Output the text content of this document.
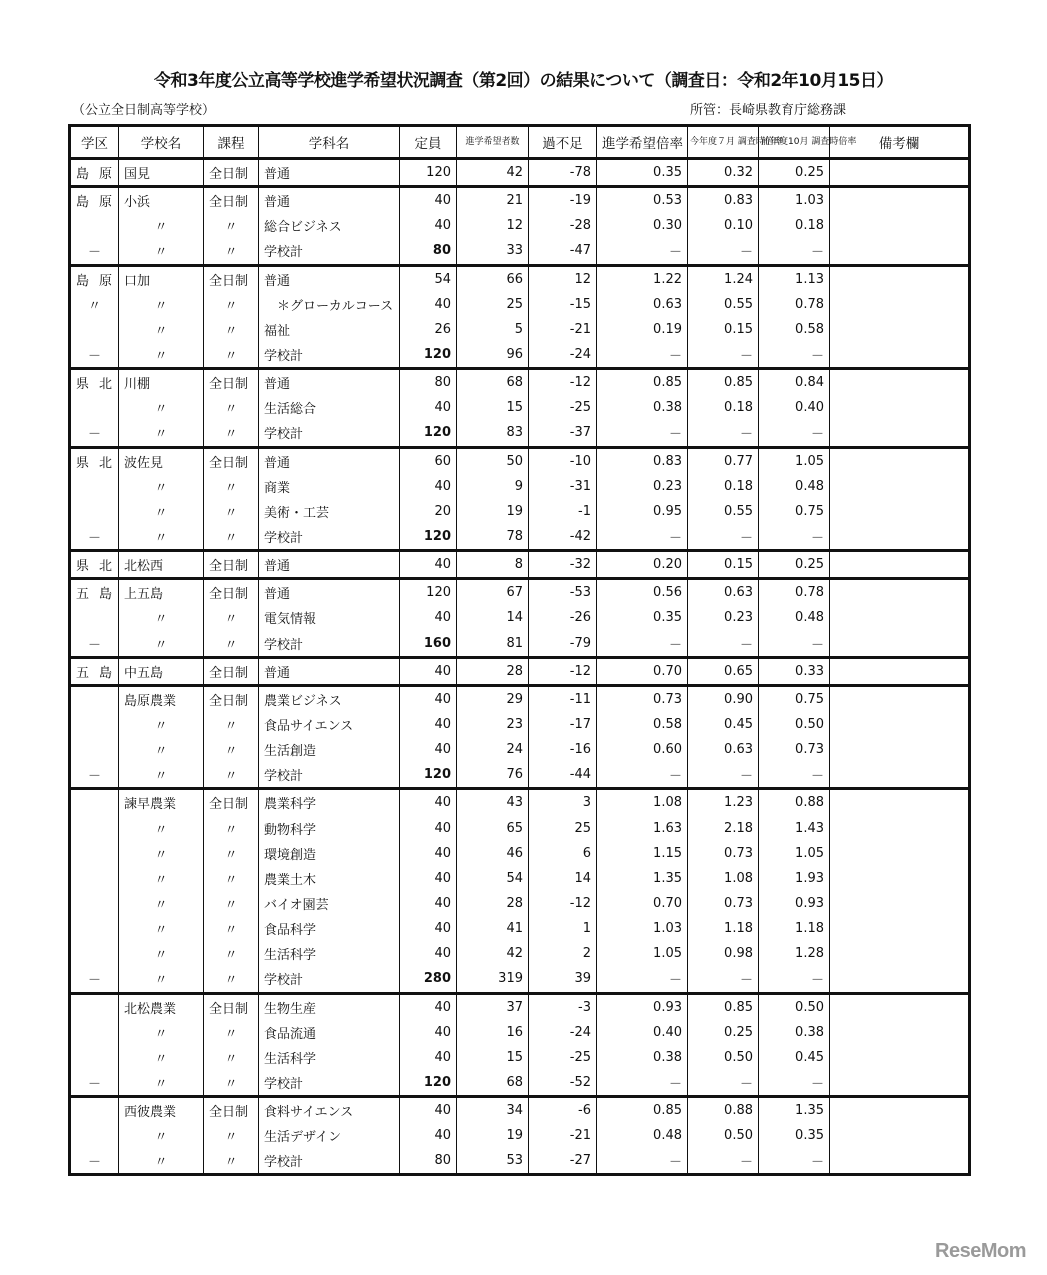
令和3年度公立高等学校進学希望状況調査（第2回）の結果について（調査日：令和2年10月15日）
（公立全日制高等学校）	所管：長崎県教育庁総務課
学区	学校名	課程	学科名	定員	進学希望者数	過不足	進学希望倍率	今年度７月 調査時倍率	前年度10月 調査時倍率	備考欄
島原	国見	全日制	普通	120	42	-78	0.35	0.32	0.25	
島原	小浜	全日制	普通	40	21	-19	0.53	0.83	1.03	
	〃	〃	総合ビジネス	40	12	-28	0.30	0.10	0.18	
－	〃	〃	学校計	80	33	-47	－	－	－	
島原	口加	全日制	普通	54	66	12	1.22	1.24	1.13	
〃	〃	〃	　＊グローカルコース	40	25	-15	0.63	0.55	0.78	
	〃	〃	福祉	26	5	-21	0.19	0.15	0.58	
－	〃	〃	学校計	120	96	-24	－	－	－	
県北	川棚	全日制	普通	80	68	-12	0.85	0.85	0.84	
	〃	〃	生活総合	40	15	-25	0.38	0.18	0.40	
－	〃	〃	学校計	120	83	-37	－	－	－	
県北	波佐見	全日制	普通	60	50	-10	0.83	0.77	1.05	
	〃	〃	商業	40	9	-31	0.23	0.18	0.48	
	〃	〃	美術・工芸	20	19	-1	0.95	0.55	0.75	
－	〃	〃	学校計	120	78	-42	－	－	－	
県北	北松西	全日制	普通	40	8	-32	0.20	0.15	0.25	
五島	上五島	全日制	普通	120	67	-53	0.56	0.63	0.78	
	〃	〃	電気情報	40	14	-26	0.35	0.23	0.48	
－	〃	〃	学校計	160	81	-79	－	－	－	
五島	中五島	全日制	普通	40	28	-12	0.70	0.65	0.33	
	島原農業	全日制	農業ビジネス	40	29	-11	0.73	0.90	0.75	
	〃	〃	食品サイエンス	40	23	-17	0.58	0.45	0.50	
	〃	〃	生活創造	40	24	-16	0.60	0.63	0.73	
－	〃	〃	学校計	120	76	-44	－	－	－	
	諫早農業	全日制	農業科学	40	43	3	1.08	1.23	0.88	
	〃	〃	動物科学	40	65	25	1.63	2.18	1.43	
	〃	〃	環境創造	40	46	6	1.15	0.73	1.05	
	〃	〃	農業土木	40	54	14	1.35	1.08	1.93	
	〃	〃	バイオ園芸	40	28	-12	0.70	0.73	0.93	
	〃	〃	食品科学	40	41	1	1.03	1.18	1.18	
	〃	〃	生活科学	40	42	2	1.05	0.98	1.28	
－	〃	〃	学校計	280	319	39	－	－	－	
	北松農業	全日制	生物生産	40	37	-3	0.93	0.85	0.50	
	〃	〃	食品流通	40	16	-24	0.40	0.25	0.38	
	〃	〃	生活科学	40	15	-25	0.38	0.50	0.45	
－	〃	〃	学校計	120	68	-52	－	－	－	
	西彼農業	全日制	食料サイエンス	40	34	-6	0.85	0.88	1.35	
	〃	〃	生活デザイン	40	19	-21	0.48	0.50	0.35	
－	〃	〃	学校計	80	53	-27	－	－	－	
ReseMom
